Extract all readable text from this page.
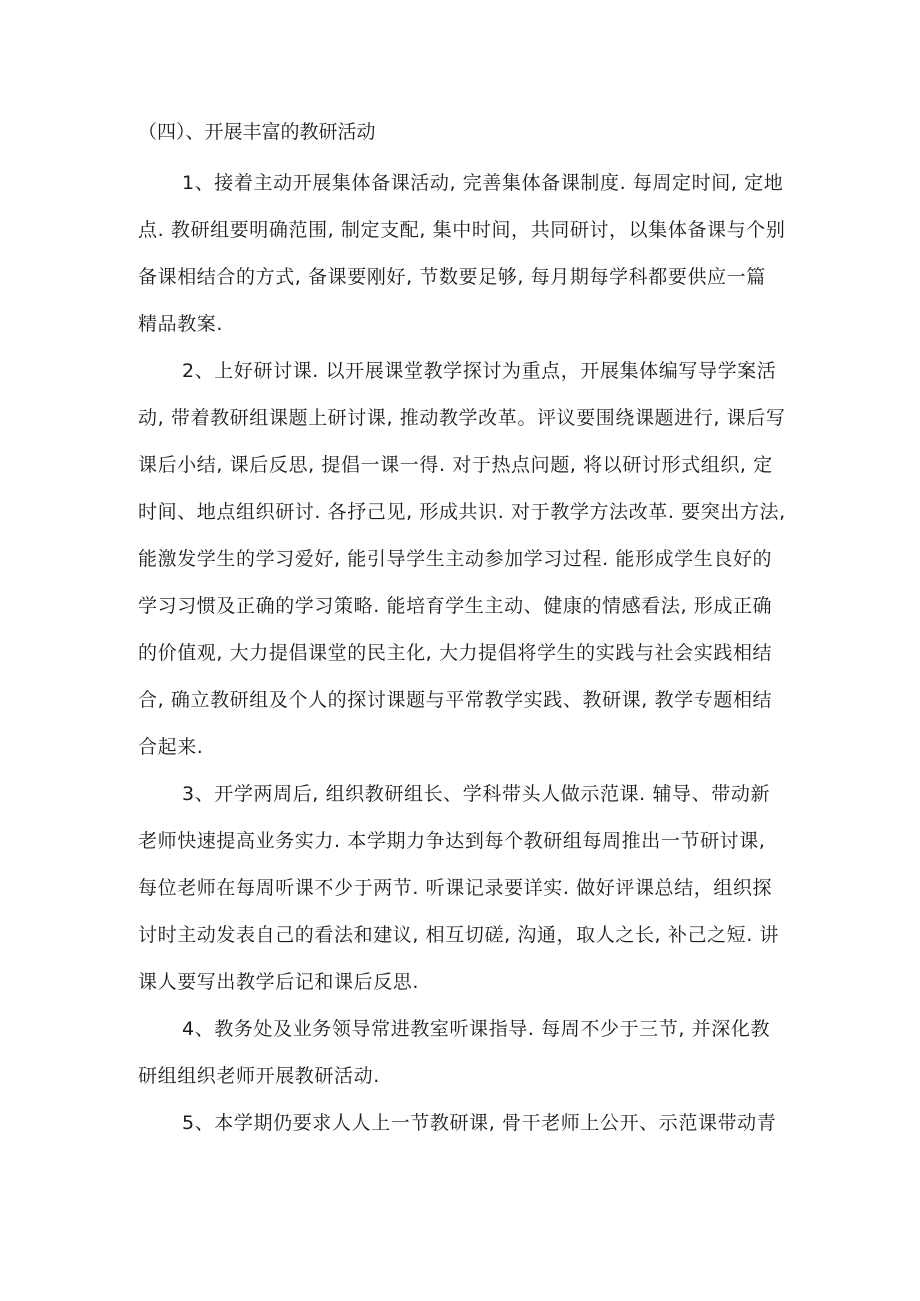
（四）、开展丰富的教研活动
1、接着主动开展集体备课活动, 完善集体备课制度. 每周定时间, 定地
点. 教研组要明确范围, 制定支配, 集中时间，共同研讨，以集体备课与个别
备课相结合的方式, 备课要刚好, 节数要足够, 每月期每学科都要供应一篇
精品教案.
2、上好研讨课. 以开展课堂教学探讨为重点，开展集体编写导学案活
动, 带着教研组课题上研讨课, 推动教学改革。评议要围绕课题进行, 课后写
课后小结, 课后反思, 提倡一课一得. 对于热点问题, 将以研讨形式组织, 定
时间、地点组织研讨. 各抒己见, 形成共识. 对于教学方法改革. 要突出方法,
能激发学生的学习爱好, 能引导学生主动参加学习过程. 能形成学生良好的
学习习惯及正确的学习策略. 能培育学生主动、健康的情感看法, 形成正确
的价值观, 大力提倡课堂的民主化, 大力提倡将学生的实践与社会实践相结
合, 确立教研组及个人的探讨课题与平常教学实践、教研课, 教学专题相结
合起来.
3、开学两周后, 组织教研组长、学科带头人做示范课. 辅导、带动新
老师快速提高业务实力. 本学期力争达到每个教研组每周推出一节研讨课,
每位老师在每周听课不少于两节. 听课记录要详实. 做好评课总结，组织探
讨时主动发表自己的看法和建议, 相互切磋, 沟通，取人之长, 补己之短. 讲
课人要写出教学后记和课后反思.
4、教务处及业务领导常进教室听课指导. 每周不少于三节, 并深化教
研组组织老师开展教研活动.
5、本学期仍要求人人上一节教研课, 骨干老师上公开、示范课带动青
